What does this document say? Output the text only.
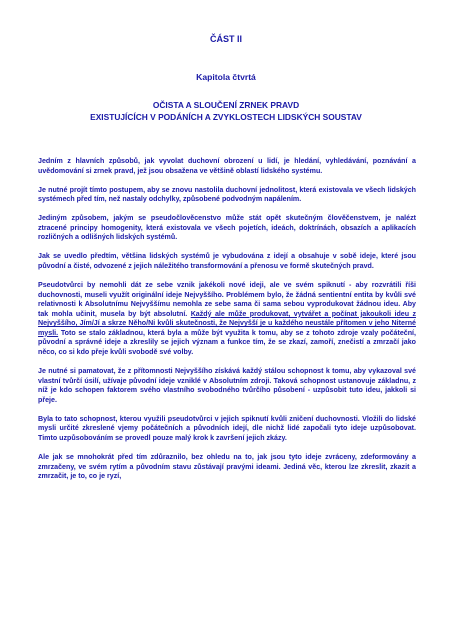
ČÁST II
Kapitola čtvrtá
OČISTA A SLOUČENÍ ZRNEK PRAVD
EXISTUJÍCÍCH V PODÁNÍCH A ZVYKLOSTECH LIDSKÝCH SOUSTAV

Jedním z hlavních způsobů, jak vyvolat duchovní obrození u lidí, je hledání, vyhledávání, poznávání a uvědomování si zrnek pravd, jež jsou obsažena ve většině oblastí lidského systému.

Je nutné projít tímto postupem, aby se znovu nastolila duchovní jednolitost, která existovala ve všech lidských systémech před tím, než nastaly odchylky, způsobené podvodným napálením.

Jediným způsobem, jakým se pseudočlověcenstvo může stát opět skutečným člověčenstvem, je nalézt ztracené principy homogenity, která existovala ve všech pojetích, ideách, doktrínách, obsazích a aplikacích rozličných a odlišných lidských systémů.

Jak se uvedlo předtím, většina lidských systémů je vybudována z idejí a obsahuje v sobě ideje, které jsou původní a čisté, odvozené z jejich náležitého transformování a přenosu ve formě skutečných pravd.

Pseudotvůrci by nemohli dát ze sebe vznik jakékoli nové ideji, ale ve svém spiknutí - aby rozvrátili říši duchovnosti, museli využít originální ideje Nejvyššího. Problémem bylo, že žádná sentientní entita by kvůli své relativnosti k Absolutnímu Nejvyššímu nemohla ze sebe sama či sama sebou vyprodukovat žádnou ideu. Aby tak mohla učinit, musela by být absolutní. Každý ale může produkovat, vytvářet a počínat jakoukoli ideu z Nejvyššího, Jím/Jí a skrze Něho/Ni kvůli skutečnosti, že Nejvyšší je u každého neustále přítomen v jeho Niterné mysli. Toto se stalo základnou, která byla a může být využita k tomu, aby se z tohoto zdroje vzaly počáteční, původní a správné ideje a zkreslily se jejich význam a funkce tím, že se zkazí, zamoří, znečistí a zmrzačí jako něco, co si kdo přeje kvůli svobodě své volby.

Je nutné si pamatovat, že z přítomnosti Nejvyššího získává každý stálou schopnost k tomu, aby vykazoval své vlastní tvůrčí úsilí, užívaje původní ideje vzniklé v Absolutním zdroji. Taková schopnost ustanovuje základnu, z níž je kdo schopen faktorem svého vlastního svobodného tvůrčího působení - uzpůsobit tuto ideu, jakkoli si přeje.

Byla to tato schopnost, kterou využili pseudotvůrci v jejich spiknutí kvůli zničení duchovnosti. Vložili do lidské mysli určité zkreslené vjemy počátečních a původních idejí, dle nichž lidé započali tyto ideje uzpůsobovat. Timto uzpůsobováním se provedl pouze malý krok k završení jejich zkázy.

Ale jak se mnohokrát před tím zdůraznilo, bez ohledu na to, jak jsou tyto ideje zvráceny, zdeformovány a zmrzačeny, ve svém rytím a původním stavu zůstávají pravými ideami. Jediná věc, kterou lze zkreslit, zkazit a zmrzačit, je to, co je ryzí,
